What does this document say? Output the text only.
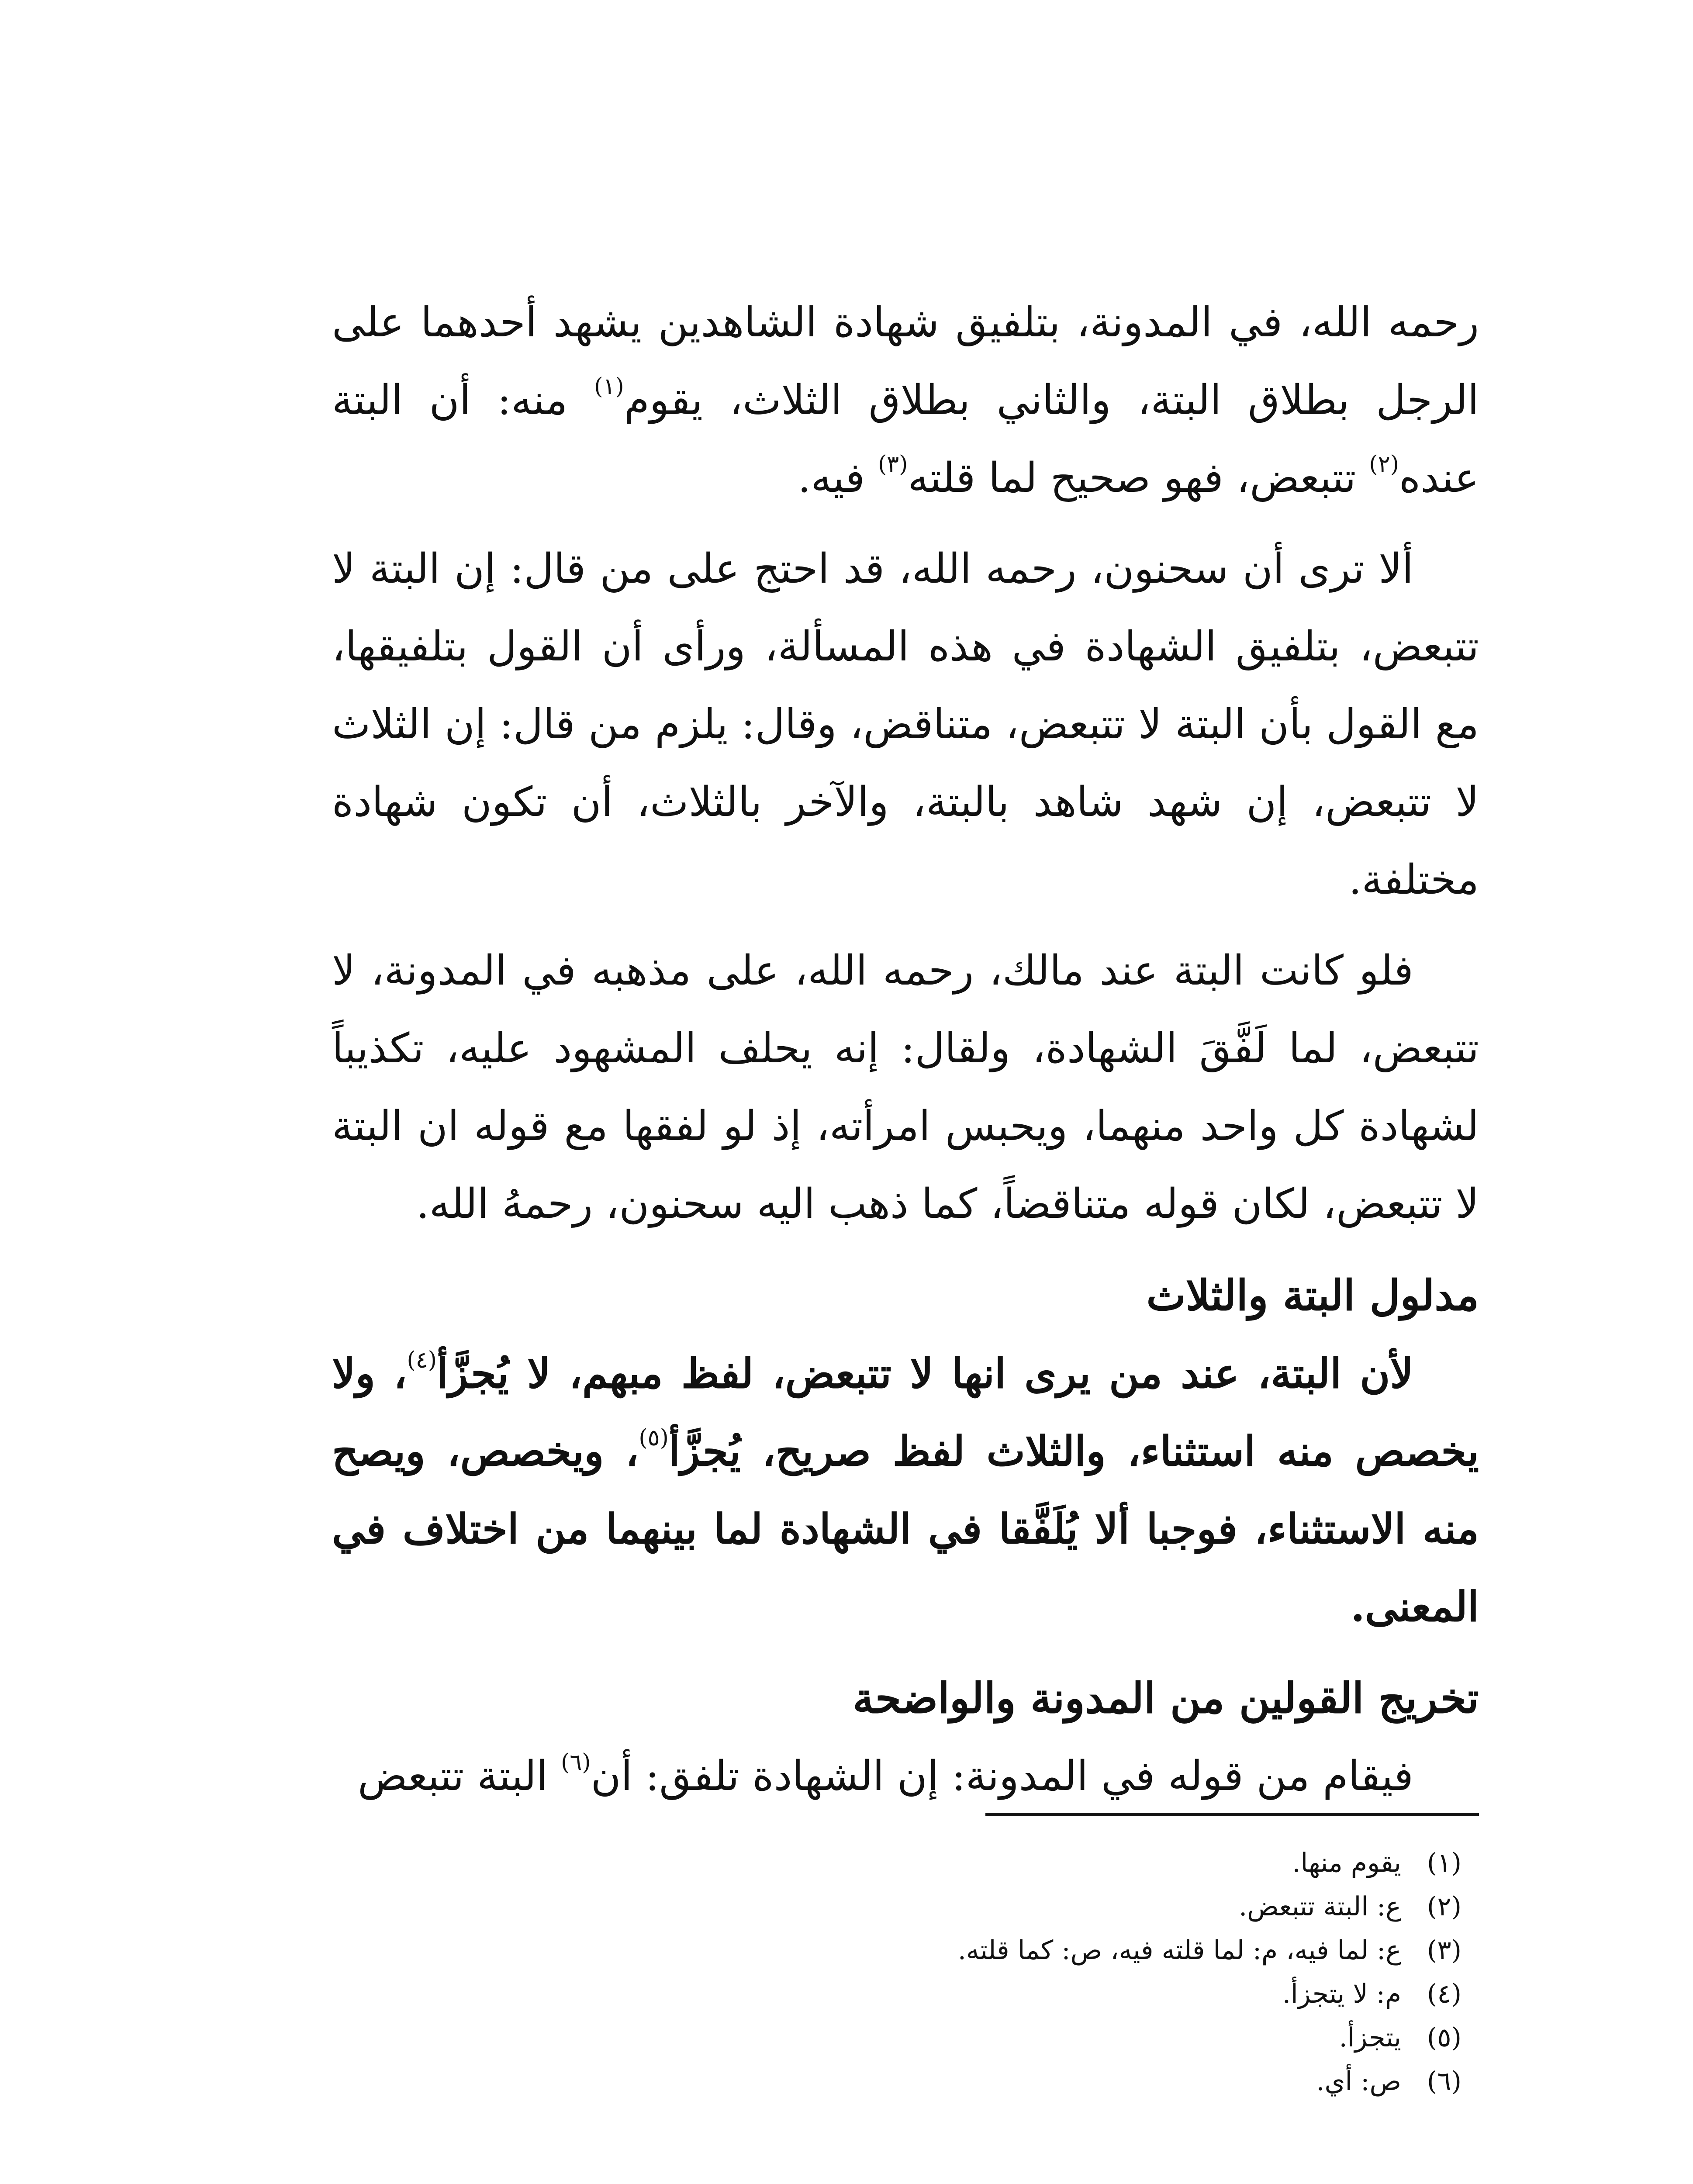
رحمه الله، في المدونة، بتلفيق شهادة الشاهدين يشهد أحدهما على الرجل بطلاق البتة، والثاني بطلاق الثلاث، يقوم$^{(١)}$ منه: أن البتة عنده$^{(٢)}$ تتبعض، فهو صحيح لما قلته$^{(٣)}$ فيه.

ألا ترى أن سحنون، رحمه الله، قد احتج على من قال: إن البتة لا تتبعض، بتلفيق الشهادة في هذه المسألة، ورأى أن القول بتلفيقها، مع القول بأن البتة لا تتبعض، متناقض، وقال: يلزم من قال: إن الثلاث لا تتبعض، إن شهد شاهد بالبتة، والآخر بالثلاث، أن تكون شهادة مختلفة.

فلو كانت البتة عند مالك، رحمه الله، على مذهبه في المدونة، لا تتبعض، لما لَفَّقَ الشهادة، ولقال: إنه يحلف المشهود عليه، تكذيباً لشهادة كل واحد منهما، ويحبس امرأته، إذ لو لفقها مع قوله ان البتة لا تتبعض، لكان قوله متناقضاً، كما ذهب اليه سحنون، رحمهُ الله.

مدلول البتة والثلاث

لأن البتة، عند من يرى انها لا تتبعض، لفظ مبهم، لا يُجزَّأ$^{(٤)}$، ولا يخصص منه استثناء، والثلاث لفظ صريح، يُجزَّأ$^{(٥)}$، ويخصص، ويصح منه الاستثناء، فوجبا ألا يُلَفَّقا في الشهادة لما بينهما من اختلاف في المعنى.

تخريج القولين من المدونة والواضحة

فيقام من قوله في المدونة: إن الشهادة تلفق: أن$^{(٦)}$ البتة تتبعض

(١)
يقوم منها.
(٢)
ع: البتة تتبعض.
(٣)
ع: لما فيه، م: لما قلته فيه، ص: كما قلته.
(٤)
م: لا يتجزأ.
(٥)
يتجزأ.
(٦)
ص: أي.
